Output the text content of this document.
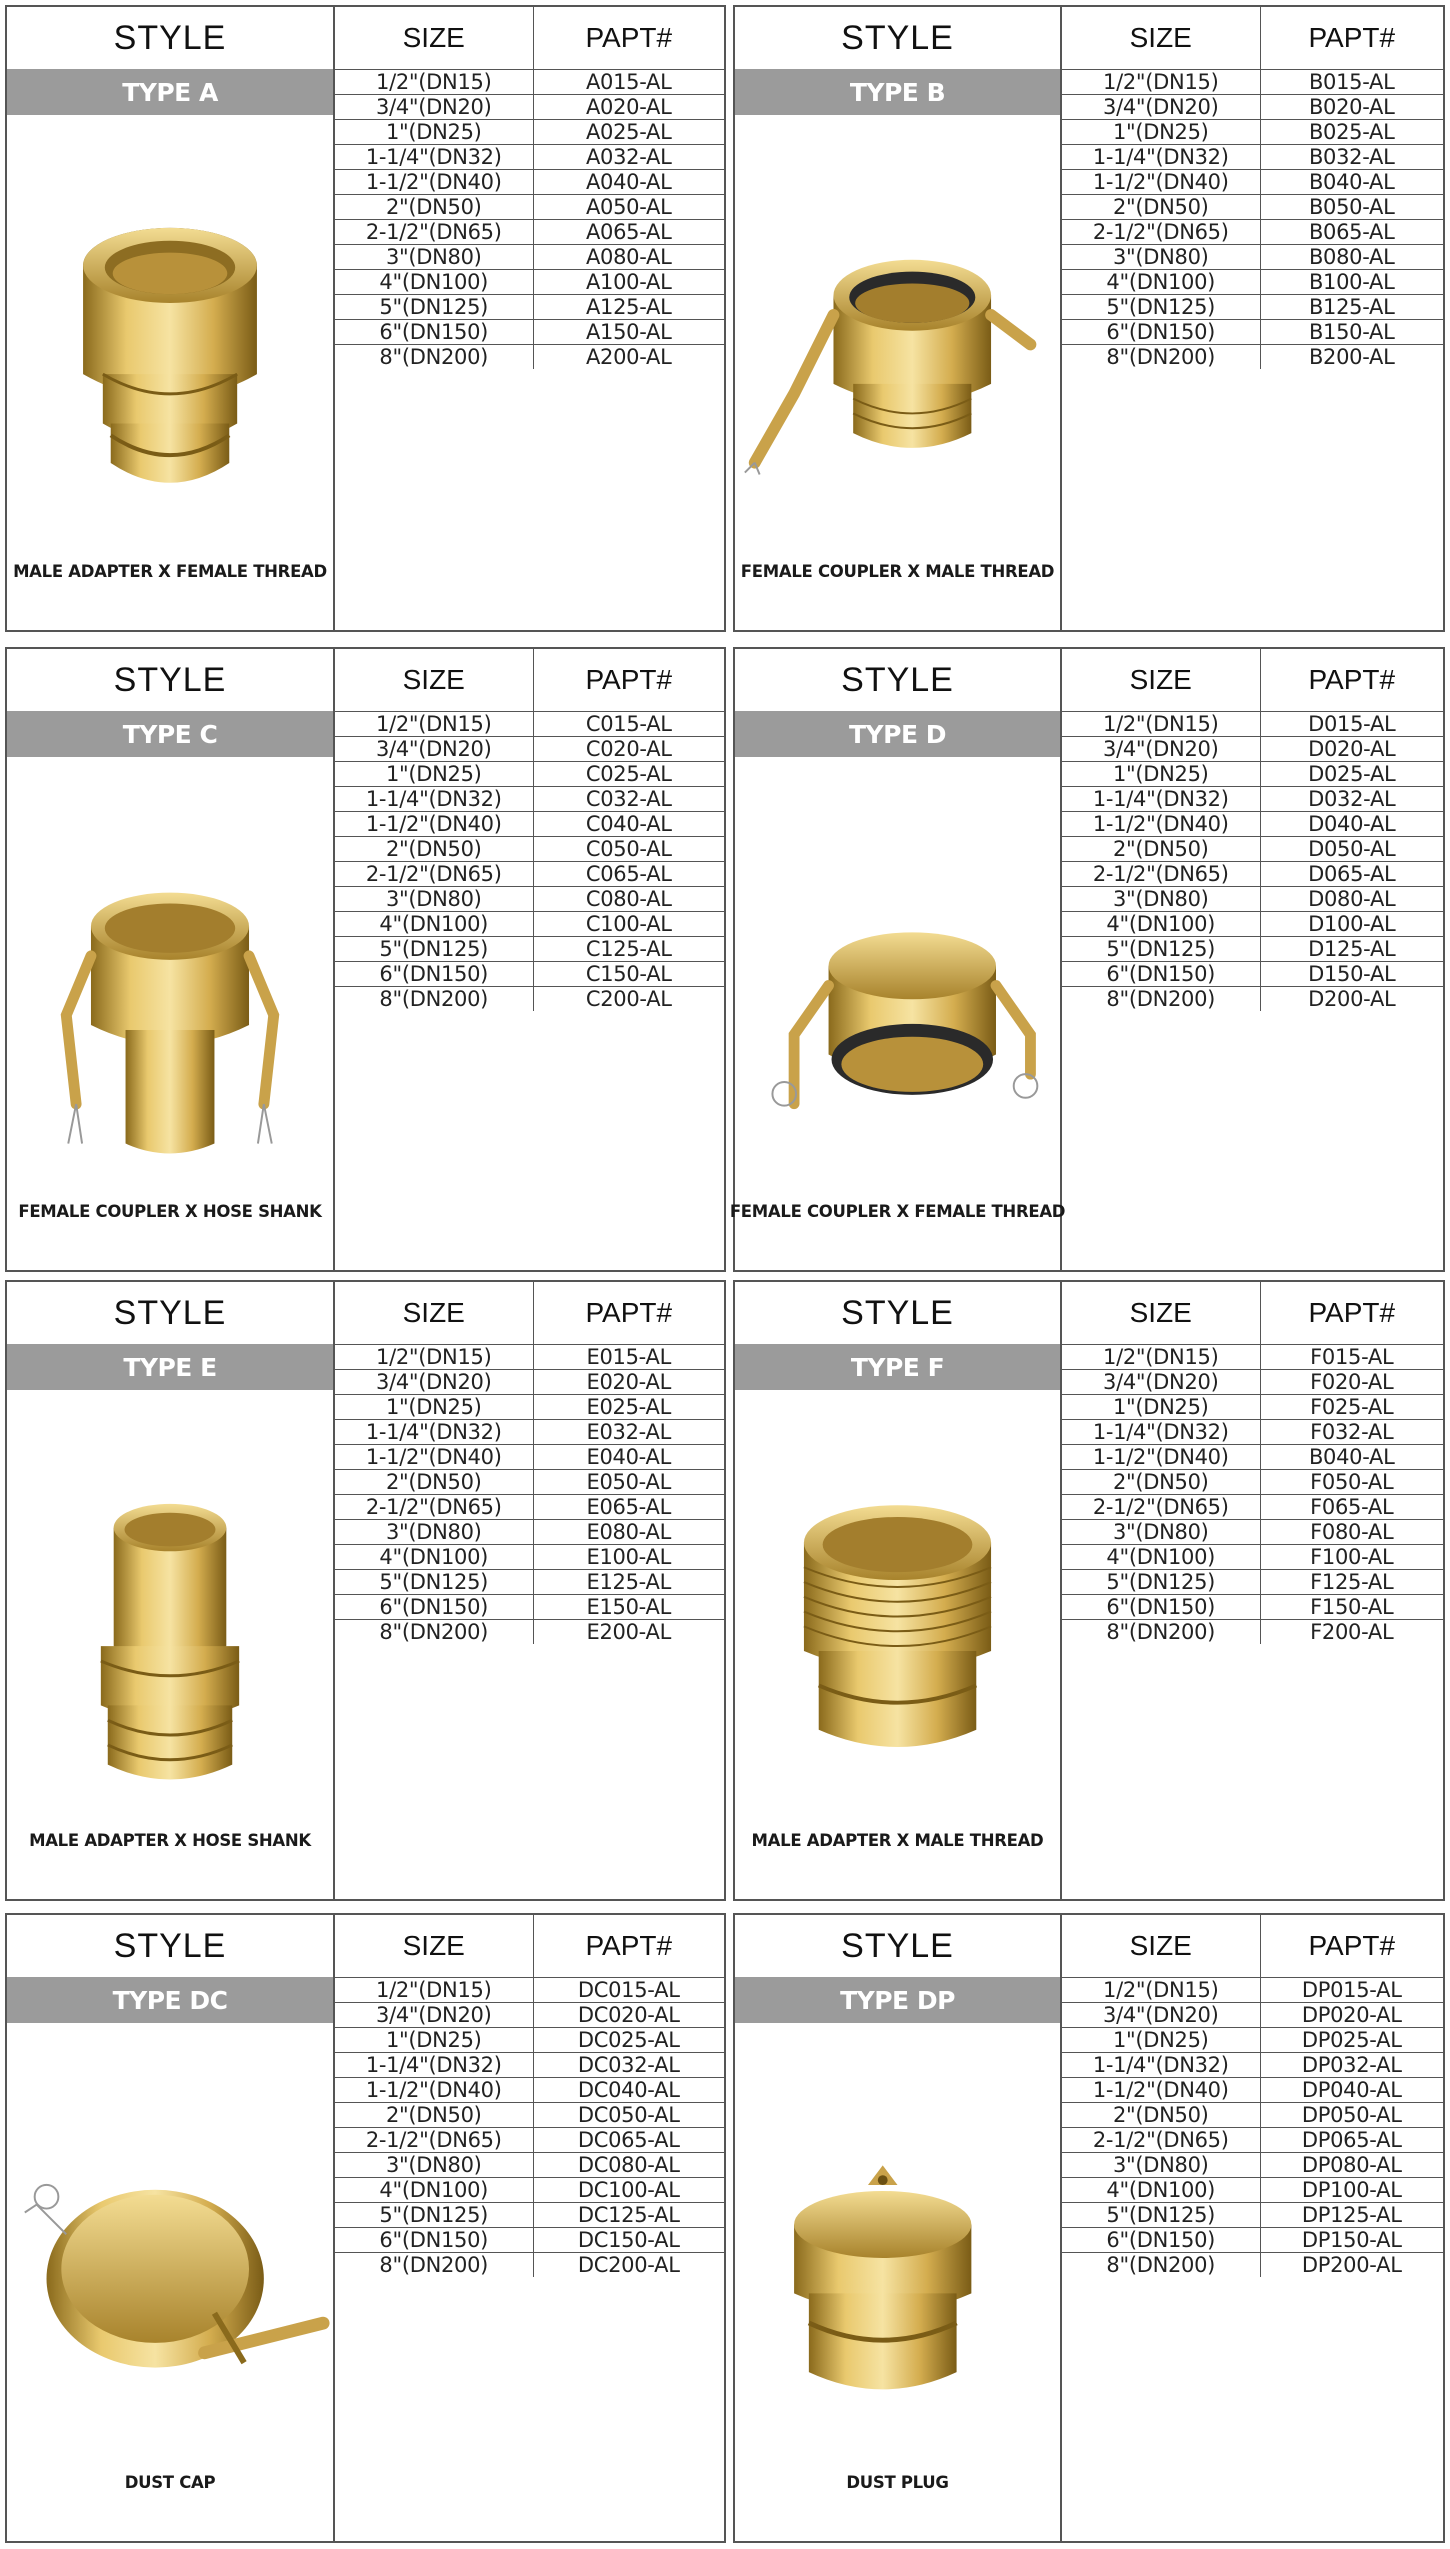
STYLE
TYPE A
MALE ADAPTER X FEMALE THREAD
SIZE	PAPT#
1/2"(DN15)	A015-AL
3/4"(DN20)	A020-AL
1"(DN25)	A025-AL
1-1/4"(DN32)	A032-AL
1-1/2"(DN40)	A040-AL
2"(DN50)	A050-AL
2-1/2"(DN65)	A065-AL
3"(DN80)	A080-AL
4"(DN100)	A100-AL
5"(DN125)	A125-AL
6"(DN150)	A150-AL
8"(DN200)	A200-AL
STYLE
TYPE B
FEMALE COUPLER X MALE THREAD
SIZE	PAPT#
1/2"(DN15)	B015-AL
3/4"(DN20)	B020-AL
1"(DN25)	B025-AL
1-1/4"(DN32)	B032-AL
1-1/2"(DN40)	B040-AL
2"(DN50)	B050-AL
2-1/2"(DN65)	B065-AL
3"(DN80)	B080-AL
4"(DN100)	B100-AL
5"(DN125)	B125-AL
6"(DN150)	B150-AL
8"(DN200)	B200-AL
STYLE
TYPE C
FEMALE COUPLER X HOSE SHANK
SIZE	PAPT#
1/2"(DN15)	C015-AL
3/4"(DN20)	C020-AL
1"(DN25)	C025-AL
1-1/4"(DN32)	C032-AL
1-1/2"(DN40)	C040-AL
2"(DN50)	C050-AL
2-1/2"(DN65)	C065-AL
3"(DN80)	C080-AL
4"(DN100)	C100-AL
5"(DN125)	C125-AL
6"(DN150)	C150-AL
8"(DN200)	C200-AL
STYLE
TYPE D
FEMALE COUPLER X FEMALE THREAD
SIZE	PAPT#
1/2"(DN15)	D015-AL
3/4"(DN20)	D020-AL
1"(DN25)	D025-AL
1-1/4"(DN32)	D032-AL
1-1/2"(DN40)	D040-AL
2"(DN50)	D050-AL
2-1/2"(DN65)	D065-AL
3"(DN80)	D080-AL
4"(DN100)	D100-AL
5"(DN125)	D125-AL
6"(DN150)	D150-AL
8"(DN200)	D200-AL
STYLE
TYPE E
MALE ADAPTER X HOSE SHANK
SIZE	PAPT#
1/2"(DN15)	E015-AL
3/4"(DN20)	E020-AL
1"(DN25)	E025-AL
1-1/4"(DN32)	E032-AL
1-1/2"(DN40)	E040-AL
2"(DN50)	E050-AL
2-1/2"(DN65)	E065-AL
3"(DN80)	E080-AL
4"(DN100)	E100-AL
5"(DN125)	E125-AL
6"(DN150)	E150-AL
8"(DN200)	E200-AL
STYLE
TYPE F
MALE ADAPTER X MALE THREAD
SIZE	PAPT#
1/2"(DN15)	F015-AL
3/4"(DN20)	F020-AL
1"(DN25)	F025-AL
1-1/4"(DN32)	F032-AL
1-1/2"(DN40)	B040-AL
2"(DN50)	F050-AL
2-1/2"(DN65)	F065-AL
3"(DN80)	F080-AL
4"(DN100)	F100-AL
5"(DN125)	F125-AL
6"(DN150)	F150-AL
8"(DN200)	F200-AL
STYLE
TYPE DC
DUST CAP
SIZE	PAPT#
1/2"(DN15)	DC015-AL
3/4"(DN20)	DC020-AL
1"(DN25)	DC025-AL
1-1/4"(DN32)	DC032-AL
1-1/2"(DN40)	DC040-AL
2"(DN50)	DC050-AL
2-1/2"(DN65)	DC065-AL
3"(DN80)	DC080-AL
4"(DN100)	DC100-AL
5"(DN125)	DC125-AL
6"(DN150)	DC150-AL
8"(DN200)	DC200-AL
STYLE
TYPE DP
DUST PLUG
SIZE	PAPT#
1/2"(DN15)	DP015-AL
3/4"(DN20)	DP020-AL
1"(DN25)	DP025-AL
1-1/4"(DN32)	DP032-AL
1-1/2"(DN40)	DP040-AL
2"(DN50)	DP050-AL
2-1/2"(DN65)	DP065-AL
3"(DN80)	DP080-AL
4"(DN100)	DP100-AL
5"(DN125)	DP125-AL
6"(DN150)	DP150-AL
8"(DN200)	DP200-AL
